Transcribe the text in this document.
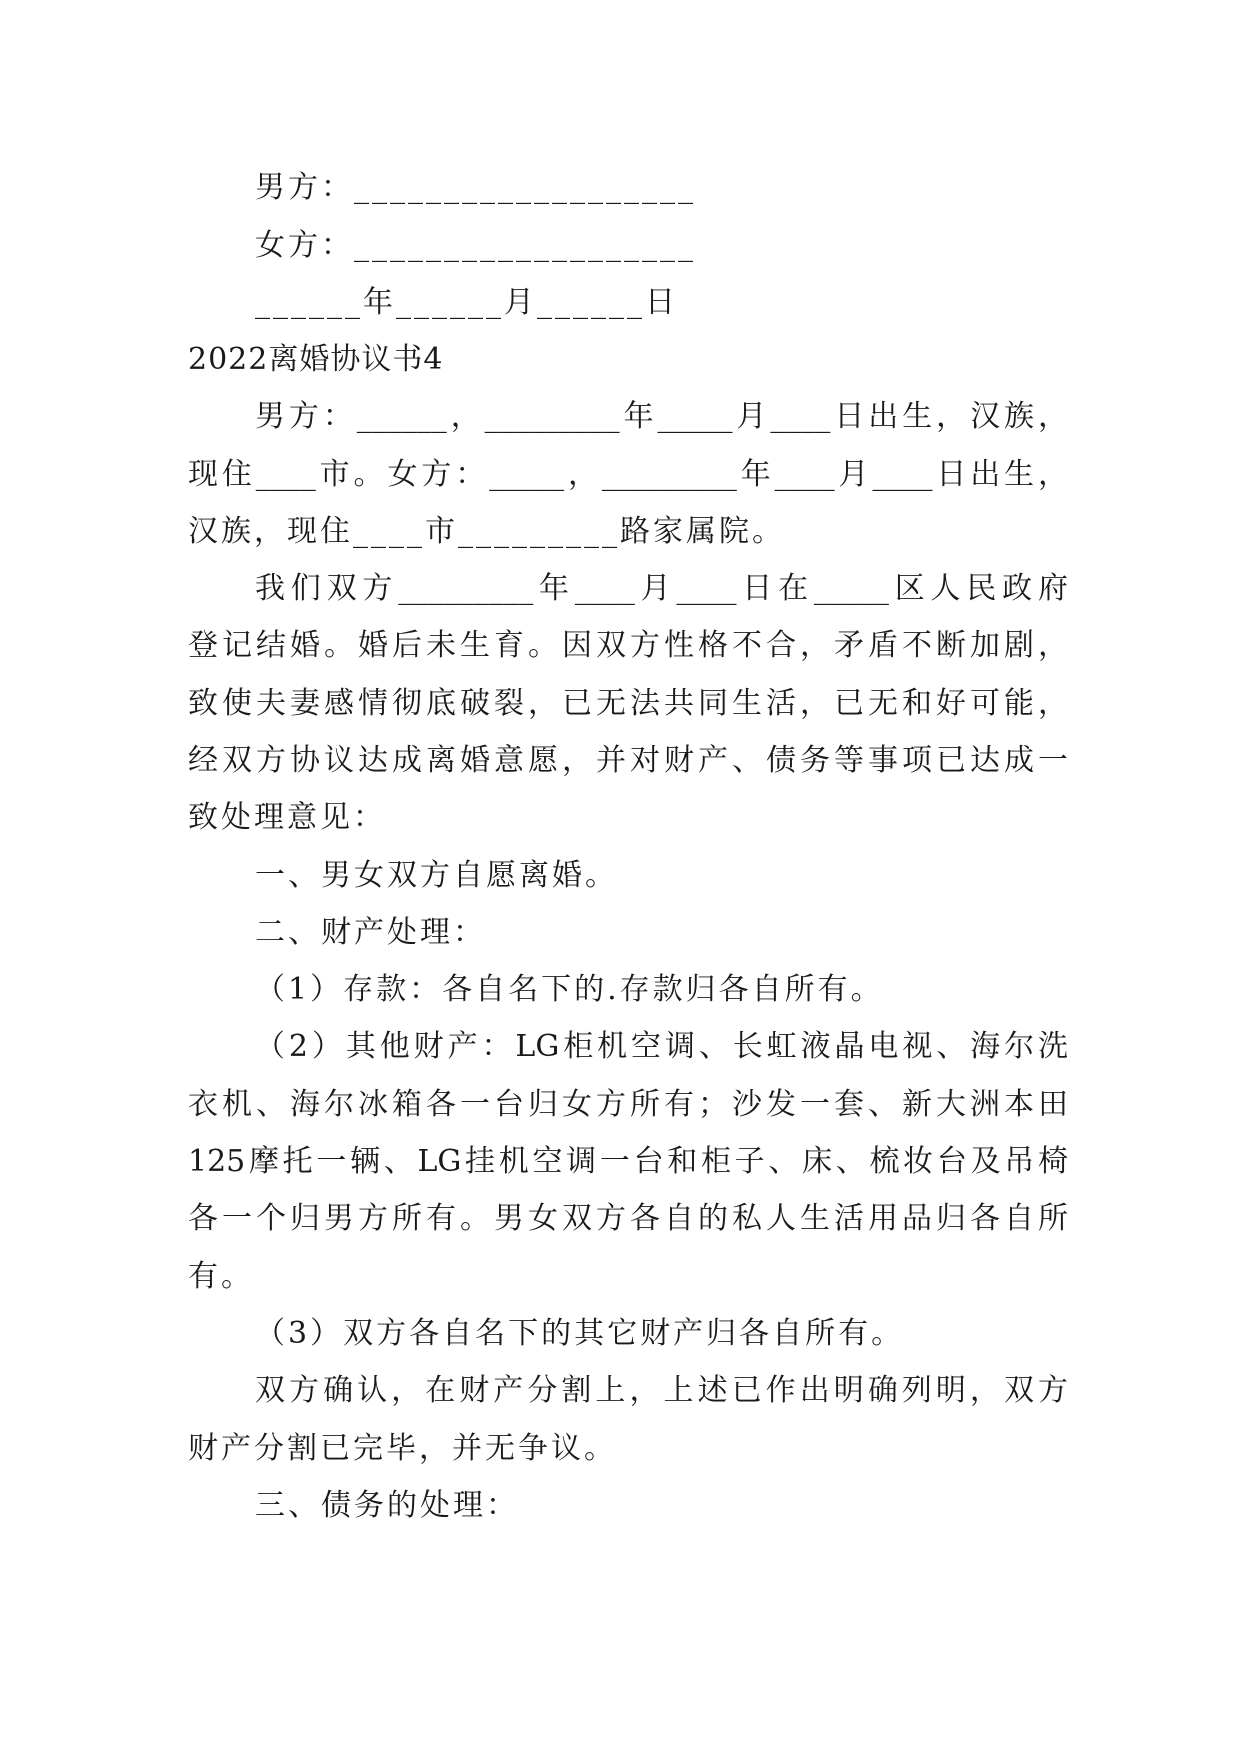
男方：___________________
女方：___________________
______年______月______日
2022离婚协议书4
男方：______，_________年_____月____日出生，汉族，
现住____市。女方：_____，_________年____月____日出生，
汉族，现住____市_________路家属院。
我们双方_________年____月____日在_____区人民政府
登记结婚。婚后未生育。因双方性格不合，矛盾不断加剧，
致使夫妻感情彻底破裂，已无法共同生活，已无和好可能，
经双方协议达成离婚意愿，并对财产、债务等事项已达成一
致处理意见：
一、男女双方自愿离婚。
二、财产处理：
（1）存款：各自名下的.存款归各自所有。
（2）其他财产：LG柜机空调、长虹液晶电视、海尔洗
衣机、海尔冰箱各一台归女方所有；沙发一套、新大洲本田
125摩托一辆、LG挂机空调一台和柜子、床、梳妆台及吊椅
各一个归男方所有。男女双方各自的私人生活用品归各自所
有。
（3）双方各自名下的其它财产归各自所有。
双方确认，在财产分割上，上述已作出明确列明，双方
财产分割已完毕，并无争议。
三、债务的处理：
